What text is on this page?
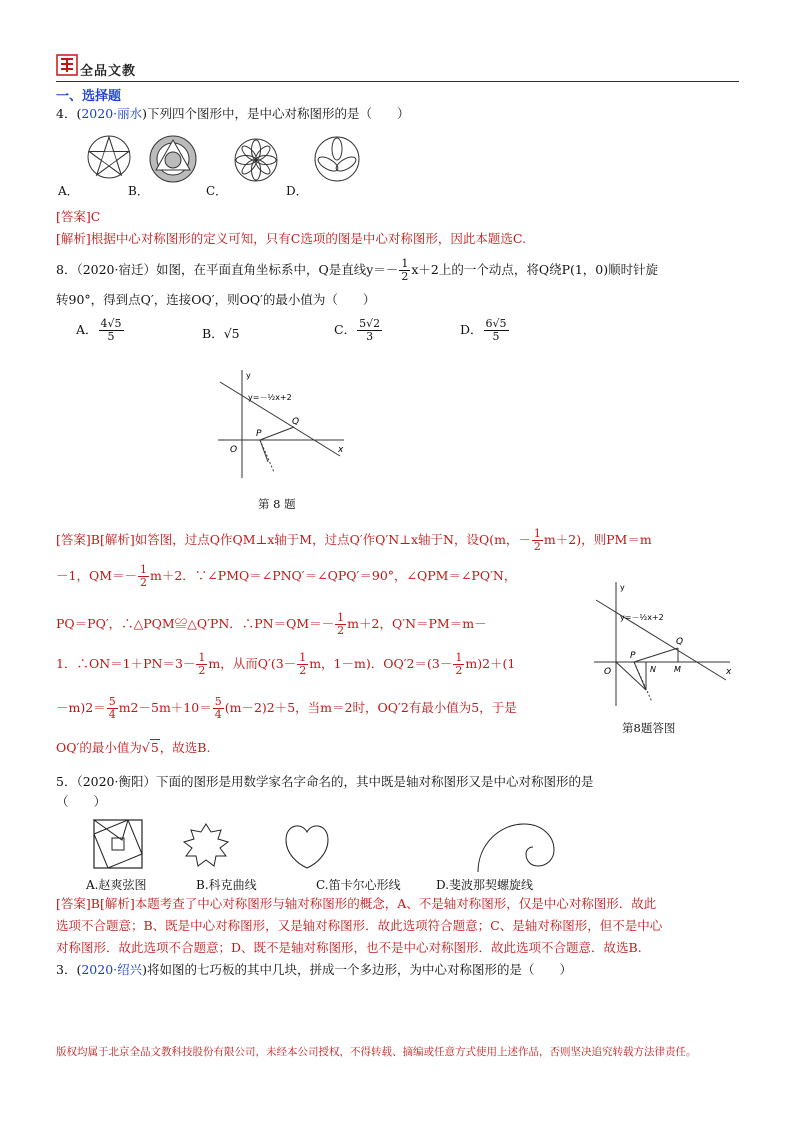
全品文教
一、选择题
4．(2020·丽水)下列四个图形中，是中心对称图形的是（　　）
A．	B．	C．	D．
[答案]C
[解析]根据中心对称图形的定义可知，只有C选项的图是中心对称图形，因此本题选C.
8．（2020·宿迁）如图，在平面直角坐标系中，Q是直线$y=- \frac{1}{2} x+2$上的一个动点，将Q绕P(1，0)顺时针旋
转90°，得到点Q′，连接OQ′，则OQ′的最小值为（　　）
A． $\frac{4√5}{5}$	B．√5	C． $\frac{5√2}{3}$	D． $\frac{6√5}{5}$
y
y=－½x+2
Q
P
O	x
第 8 题
[答案]B[解析]如答图，过点Q作QM⊥x轴于M，过点Q′作Q′N⊥x轴于N，设Q(m，－ $\frac{1}{2} m+2$)，则PM＝m
－1，$QM=- \frac{1}{2} m+2$．∵∠PMQ＝∠PNQ′＝∠QPQ′＝90°，∠QPM＝∠PQ′N，
PQ＝PQ′，∴△PQM≌△Q′PN．∴PN＝QM＝－ $\frac{1}{2} m+2$，Q′N＝PM＝m－
1．∴ON＝1＋PN＝3－ $\frac{1}{2}$ m，从而$Q'(3- \frac{1}{2}$ m，1－m)．$OQ'2=(3- \frac{1}{2} m)2+(1$
$-m)2= \frac{5}{4} m2-5m+10= \frac{5}{4} (m-2)2+5$，当m＝2时，OQ′2有最小值为5，于是
OQ′的最小值为√5，故选B.
y
y=－½x+2
Q
P
O	N M	x
第8题答图
5．（2020·衡阳）下面的图形是用数学家名字命名的，其中既是轴对称图形又是中心对称图形的是
（　　）
A.赵爽弦图	B.科克曲线	C.笛卡尔心形线	D.斐波那契螺旋线
[答案]B[解析]本题考查了中心对称图形与轴对称图形的概念，A、不是轴对称图形，仅是中心对称图形．故此
选项不合题意；B、既是中心对称图形，又是轴对称图形．故此选项符合题意；C、是轴对称图形，但不是中心
对称图形．故此选项不合题意；D、既不是轴对称图形，也不是中心对称图形．故此选项不合题意．故选B.
3．(2020·绍兴)将如图的七巧板的其中几块，拼成一个多边形，为中心对称图形的是（　　）
版权均属于北京全品文教科技股份有限公司，未经本公司授权，不得转载、摘编或任意方式使用上述作品，否则坚决追究转载方法律责任。
